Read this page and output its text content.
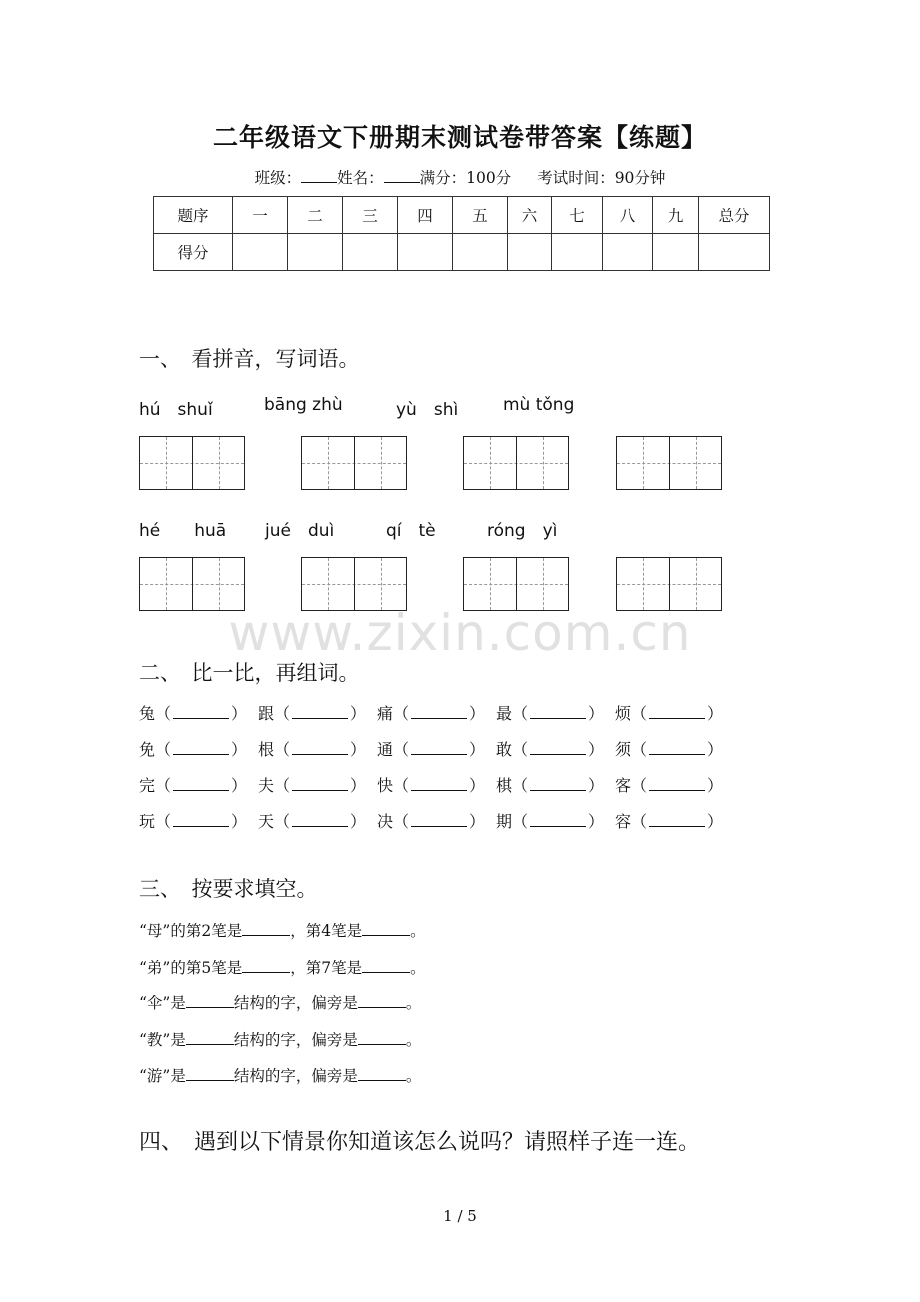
二年级语文下册期末测试卷带答案【练题】
班级： 姓名： 满分：100分 考试时间：90分钟
题序	一	二	三	四	五	六	七	八	九	总分
得分										
一、　看拼音，写词语。
hú　shuǐ	bāng zhù	yù　shì	mù tǒng
hé　　huā jué　duì	qí　tè	róng　yì
www.zixin.com.cn
二、　比一比，再组词。
兔（	） 跟（	） 痛（	） 最（	） 烦（	）
免（	） 根（	） 通（	） 敢（	） 须（	）
完（	） 夫（	） 快（	） 棋（	） 客（	）
玩（	） 天（	） 决（	） 期（	） 容（	）
三、　按要求填空。
“母”的第2笔是	，第4笔是	。
“弟”的第5笔是	，第7笔是	。
“伞”是	结构的字，偏旁是	。
“教”是	结构的字，偏旁是	。
“游”是	结构的字，偏旁是	。
四、　遇到以下情景你知道该怎么说吗？请照样子连一连。
1 / 5
